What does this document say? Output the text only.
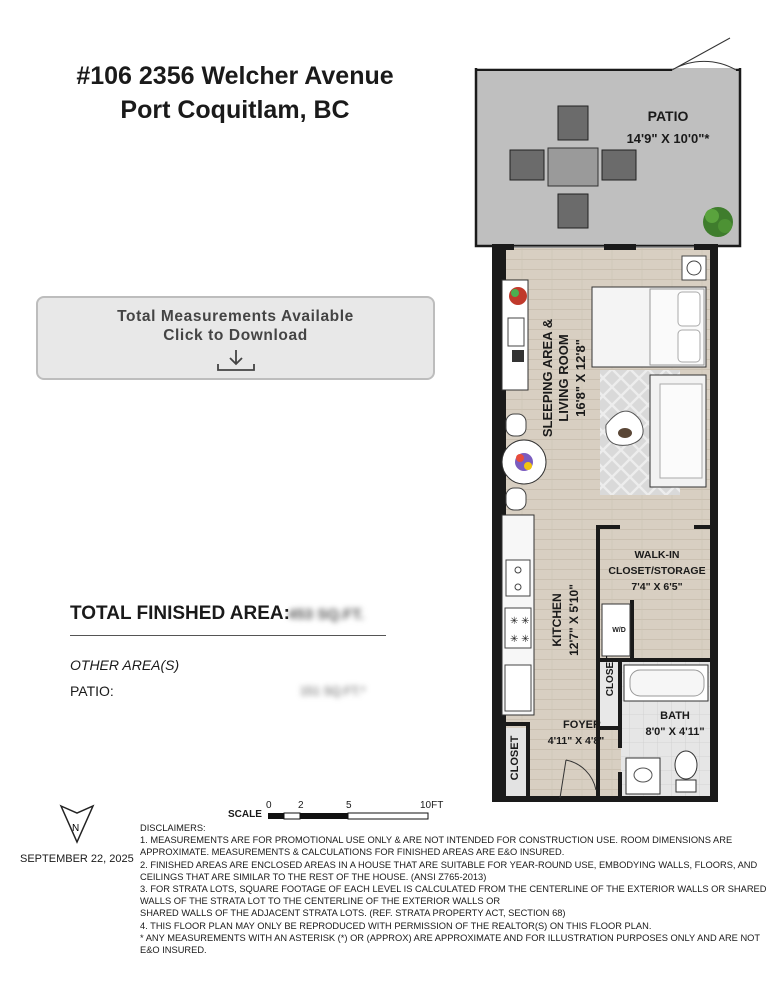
#106 2356 Welcher Avenue
Port Coquitlam, BC
Total Measurements Available
Click to Download
TOTAL FINISHED AREA:
453 SQ.FT.
OTHER AREA(S)
PATIO:	151 SQ.FT.*
N
SEPTEMBER 22, 2025
SCALE
0	2	5	10FT
DISCLAIMERS:
1. MEASUREMENTS ARE FOR PROMOTIONAL USE ONLY & ARE NOT INTENDED FOR CONSTRUCTION USE. ROOM DIMENSIONS ARE
APPROXIMATE. MEASUREMENTS & CALCULATIONS FOR FINISHED AREAS ARE E&O INSURED.
2. FINISHED AREAS ARE ENCLOSED AREAS IN A HOUSE THAT ARE SUITABLE FOR YEAR-ROUND USE, EMBODYING WALLS, FLOORS, AND
CEILINGS THAT ARE SIMILAR TO THE REST OF THE HOUSE. (ANSI Z765-2013)
3. FOR STRATA LOTS, SQUARE FOOTAGE OF EACH LEVEL IS CALCULATED FROM THE CENTERLINE OF THE EXTERIOR WALLS OR SHARED
WALLS OF THE STRATA LOT TO THE CENTERLINE OF THE EXTERIOR WALLS OR
SHARED WALLS OF THE ADJACENT STRATA LOTS. (REF. STRATA PROPERTY ACT, SECTION 68)
4. THIS FLOOR PLAN MAY ONLY BE REPRODUCED WITH PERMISSION OF THE REALTOR(S) ON THIS FLOOR PLAN.
* ANY MEASUREMENTS WITH AN ASTERISK (*) OR (APPROX) ARE APPROXIMATE AND FOR ILLUSTRATION PURPOSES ONLY AND ARE NOT
E&O INSURED.
PATIO
14'9" X 10'0"*
✳ ✳
✳ ✳
W/D
SLEEPING AREA & LIVING ROOM 16'8" X 12'8"
WALK-IN
CLOSET/STORAGE
7'4" X 6'5"
KITCHEN 12'7" X 5'10"
CLOSET
BATH
8'0" X 4'11"
FOYER
4'11" X 4'8"
CLOSET
